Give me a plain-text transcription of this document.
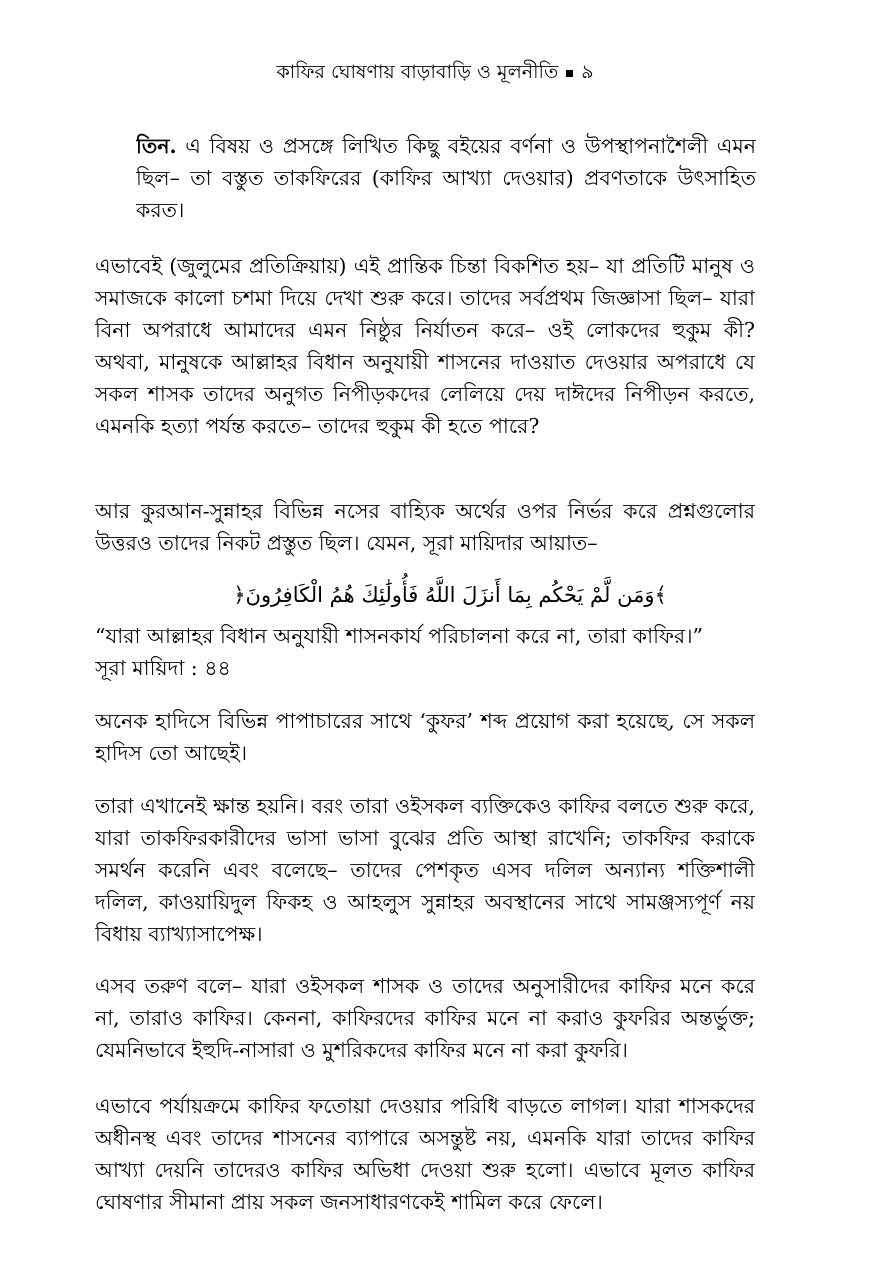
কাফির ঘোষণায় বাড়াবাড়ি ও মূলনীতি ৯
তিন. এ বিষয় ও প্রসঙ্গে লিখিত কিছু বইয়ের বর্ণনা ও উপস্থাপনাশৈলী এমন ছিল– তা বস্তুত তাকফিরের (কাফির আখ্যা দেওয়ার) প্রবণতাকে উৎসাহিত করত।
এভাবেই (জুলুমের প্রতিক্রিয়ায়) এই প্রান্তিক চিন্তা বিকশিত হয়– যা প্রতিটি মানুষ ও সমাজকে কালো চশমা দিয়ে দেখা শুরু করে। তাদের সর্বপ্রথম জিজ্ঞাসা ছিল– যারা বিনা অপরাধে আমাদের এমন নিষ্ঠুর নির্যাতন করে– ওই লোকদের হুকুম কী? অথবা, মানুষকে আল্লাহর বিধান অনুযায়ী শাসনের দাওয়াত দেওয়ার অপরাধে যে সকল শাসক তাদের অনুগত নিপীড়কদের লেলিয়ে দেয় দাঈদের নিপীড়ন করতে, এমনকি হত্যা পর্যন্ত করতে– তাদের হুকুম কী হতে পারে?
আর কুরআন-সুন্নাহর বিভিন্ন নসের বাহ্যিক অর্থের ওপর নির্ভর করে প্রশ্নগুলোর উত্তরও তাদের নিকট প্রস্তুত ছিল। যেমন, সূরা মায়িদার আয়াত–
﴿وَمَن لَّمْ يَحْكُم بِمَا أَنزَلَ اللَّهُ فَأُولَٰئِكَ هُمُ الْكَافِرُونَ﴾
“যারা আল্লাহর বিধান অনুযায়ী শাসনকার্য পরিচালনা করে না, তারা কাফির।”
সূরা মায়িদা : ৪৪
অনেক হাদিসে বিভিন্ন পাপাচারের সাথে ‘কুফর’ শব্দ প্রয়োগ করা হয়েছে, সে সকল হাদিস তো আছেই।
তারা এখানেই ক্ষান্ত হয়নি। বরং তারা ওইসকল ব্যক্তিকেও কাফির বলতে শুরু করে, যারা তাকফিরকারীদের ভাসা ভাসা বুঝের প্রতি আস্থা রাখেনি; তাকফির করাকে সমর্থন করেনি এবং বলেছে– তাদের পেশকৃত এসব দলিল অন্যান্য শক্তিশালী দলিল, কাওয়ায়িদুল ফিকহ ও আহলুস সুন্নাহর অবস্থানের সাথে সামঞ্জস্যপূর্ণ নয় বিধায় ব্যাখ্যাসাপেক্ষ।
এসব তরুণ বলে– যারা ওইসকল শাসক ও তাদের অনুসারীদের কাফির মনে করে না, তারাও কাফির। কেননা, কাফিরদের কাফির মনে না করাও কুফরির অন্তর্ভুক্ত; যেমনিভাবে ইহুদি-নাসারা ও মুশরিকদের কাফির মনে না করা কুফরি।
এভাবে পর্যায়ক্রমে কাফির ফতোয়া দেওয়ার পরিধি বাড়তে লাগল। যারা শাসকদের অধীনস্থ এবং তাদের শাসনের ব্যাপারে অসন্তুষ্ট নয়, এমনকি যারা তাদের কাফির আখ্যা দেয়নি তাদেরও কাফির অভিধা দেওয়া শুরু হলো। এভাবে মূলত কাফির ঘোষণার সীমানা প্রায় সকল জনসাধারণকেই শামিল করে ফেলে।
